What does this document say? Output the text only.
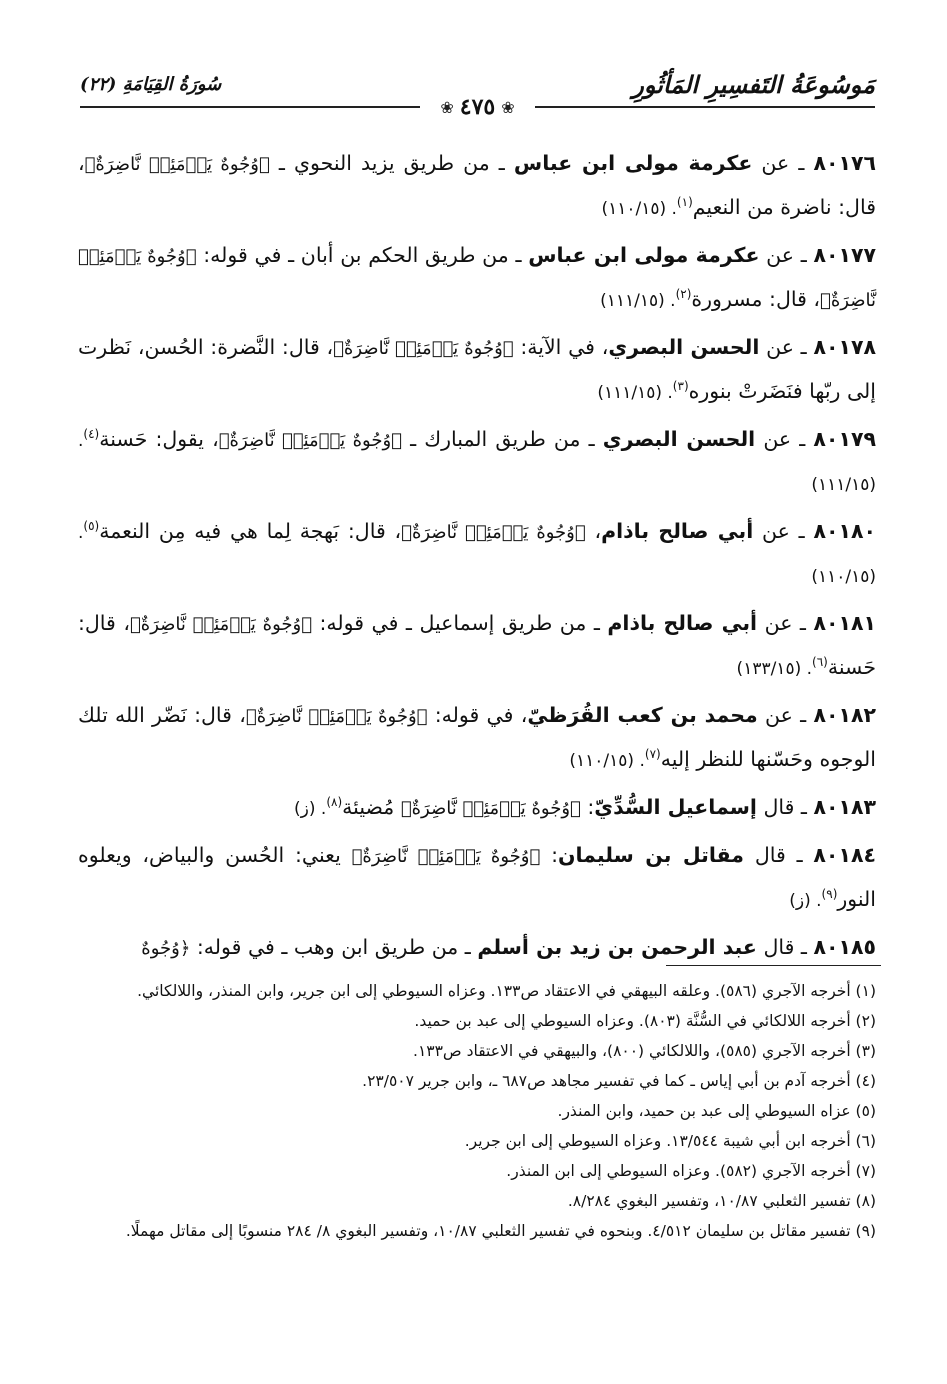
مَوسُوعَةُ التَفسِيرِ المَأثُورِ
سُورَةُ القِيَامَةِ (٢٢)
❀
٤٧٥
❀

٨٠١٧٦ ـ عن عكرمة مولى ابن عباس ـ من طريق يزيد النحوي ـ ﴿وُجُوهٌ يَوۡمَئِذٖ نَّاضِرَةٌ﴾، قال: ناضرة من النعيم$^{(١)}$. (١١٠/١٥)

٨٠١٧٧ ـ عن عكرمة مولى ابن عباس ـ من طريق الحكم بن أبان ـ في قوله: ﴿وُجُوهٌ يَوۡمَئِذٖ نَّاضِرَةٌ﴾، قال: مسرورة$^{(٢)}$. (١١١/١٥)

٨٠١٧٨ ـ عن الحسن البصري، في الآية: ﴿وُجُوهٌ يَوۡمَئِذٖ نَّاضِرَةٌ﴾، قال: النَّضرة: الحُسن، نَظرت إلى ربّها فنَضَرتْ بنوره$^{(٣)}$. (١١١/١٥)

٨٠١٧٩ ـ عن الحسن البصري ـ من طريق المبارك ـ ﴿وُجُوهٌ يَوۡمَئِذٖ نَّاضِرَةٌ﴾، يقول: حَسنة$^{(٤)}$. (١١١/١٥)

٨٠١٨٠ ـ عن أبي صالح باذام، ﴿وُجُوهٌ يَوۡمَئِذٖ نَّاضِرَةٌ﴾، قال: بَهجة لِما هي فيه مِن النعمة$^{(٥)}$. (١١٠/١٥)

٨٠١٨١ ـ عن أبي صالح باذام ـ من طريق إسماعيل ـ في قوله: ﴿وُجُوهٌ يَوۡمَئِذٖ نَّاضِرَةٌ﴾، قال: حَسنة$^{(٦)}$. (١٣٣/١٥)

٨٠١٨٢ ـ عن محمد بن كعب القُرَظيّ، في قوله: ﴿وُجُوهٌ يَوۡمَئِذٖ نَّاضِرَةٌ﴾، قال: نَضّر الله تلك الوجوه وحَسّنها للنظر إليه$^{(٧)}$. (١١٠/١٥)

٨٠١٨٣ ـ قال إسماعيل السُّدِّيّ: ﴿وُجُوهٌ يَوۡمَئِذٖ نَّاضِرَةٌ﴾ مُضيئة$^{(٨)}$. (ز)

٨٠١٨٤ ـ قال مقاتل بن سليمان: ﴿وُجُوهٌ يَوۡمَئِذٖ نَّاضِرَةٌ﴾ يعني: الحُسن والبياض، ويعلوه النور$^{(٩)}$. (ز)

٨٠١٨٥ ـ قال عبد الرحمن بن زيد بن أسلم ـ من طريق ابن وهب ـ في قوله: ﴿وُجُوهٌ

(١) أخرجه الآجري (٥٨٦). وعلقه البيهقي في الاعتقاد ص١٣٣. وعزاه السيوطي إلى ابن جرير، وابن المنذر، واللالكائي.

(٢) أخرجه اللالكائي في السُّنَّة (٨٠٣). وعزاه السيوطي إلى عبد بن حميد.

(٣) أخرجه الآجري (٥٨٥)، واللالكائي (٨٠٠)، والبيهقي في الاعتقاد ص١٣٣.

(٤) أخرجه آدم بن أبي إياس ـ كما في تفسير مجاهد ص٦٨٧ ـ، وابن جرير ٢٣/٥٠٧.

(٥) عزاه السيوطي إلى عبد بن حميد، وابن المنذر.

(٦) أخرجه ابن أبي شيبة ١٣/٥٤٤. وعزاه السيوطي إلى ابن جرير.

(٧) أخرجه الآجري (٥٨٢). وعزاه السيوطي إلى ابن المنذر.

(٨) تفسير الثعلبي ١٠/٨٧، وتفسير البغوي ٨/٢٨٤.

(٩) تفسير مقاتل بن سليمان ٤/٥١٢. وبنحوه في تفسير الثعلبي ١٠/٨٧، وتفسير البغوي ٨/ ٢٨٤ منسوبًا إلى مقاتل مهملًا.
